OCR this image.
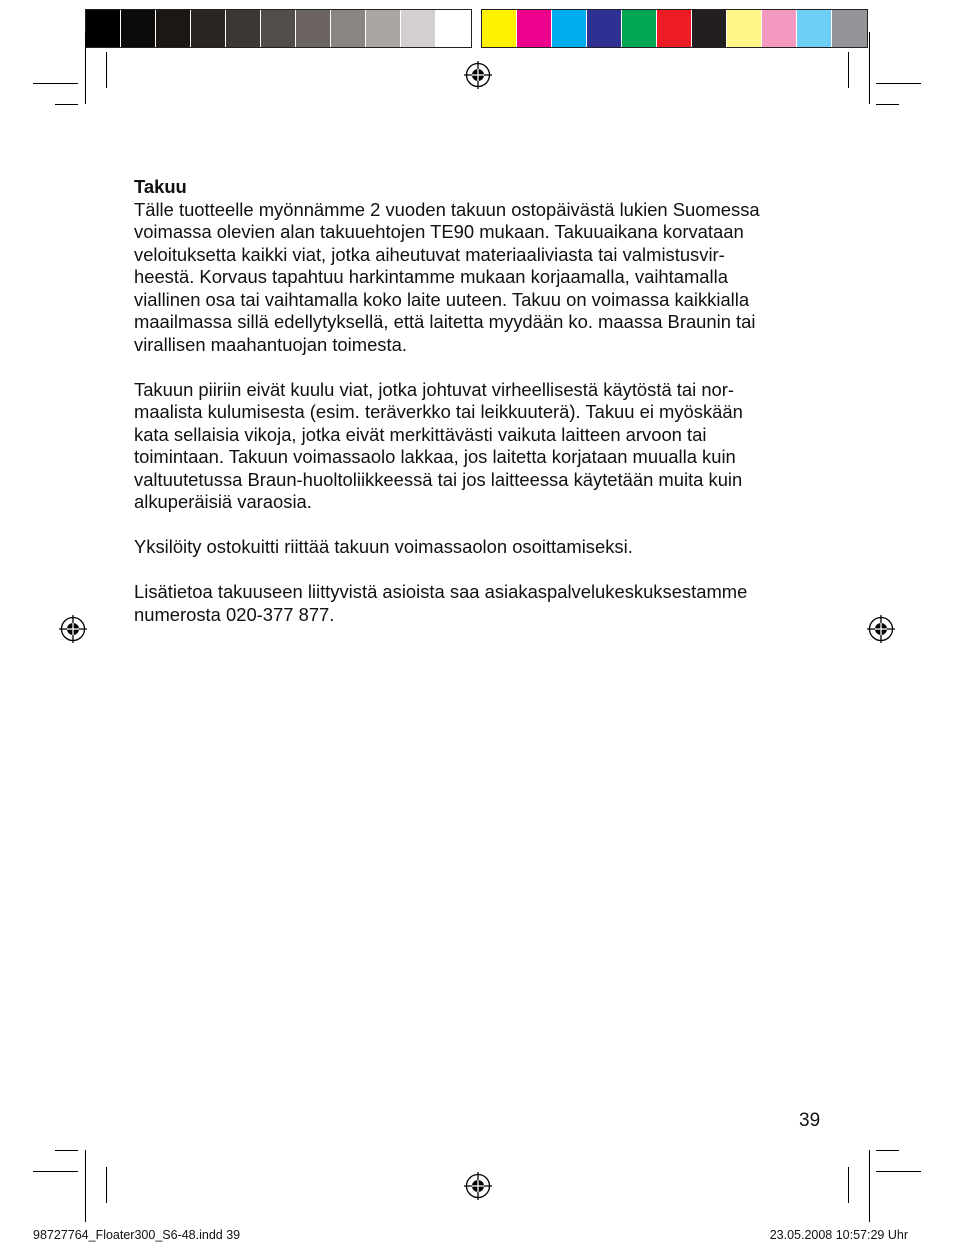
Takuu
Tälle tuotteelle myönnämme 2 vuoden takuun ostopäivästä lukien Suomessa
voimassa olevien alan takuuehtojen TE90 mukaan. Takuuaikana korvataan
veloituksetta kaikki viat, jotka aiheutuvat materiaaliviasta tai valmistusvir-
heestä. Korvaus tapahtuu harkintamme mukaan korjaamalla, vaihtamalla
viallinen osa tai vaihtamalla koko laite uuteen. Takuu on voimassa kaikkialla
maailmassa sillä edellytyksellä, että laitetta myydään ko. maassa Braunin tai
virallisen maahantuojan toimesta.
Takuun piiriin eivät kuulu viat, jotka johtuvat virheellisestä käytöstä tai nor-
maalista kulumisesta (esim. teräverkko tai leikkuuterä). Takuu ei myöskään
kata sellaisia vikoja, jotka eivät merkittävästi vaikuta laitteen arvoon tai
toimintaan. Takuun voimassaolo lakkaa, jos laitetta korjataan muualla kuin
valtuutetussa Braun-huoltoliikkeessä tai jos laitteessa käytetään muita kuin
alkuperäisiä varaosia.
Yksilöity ostokuitti riittää takuun voimassaolon osoittamiseksi.
Lisätietoa takuuseen liittyvistä asioista saa asiakaspalvelukeskuksestamme
numerosta 020-377 877.
39
98727764_Floater300_S6-48.indd 39	23.05.2008 10:57:29 Uhr
